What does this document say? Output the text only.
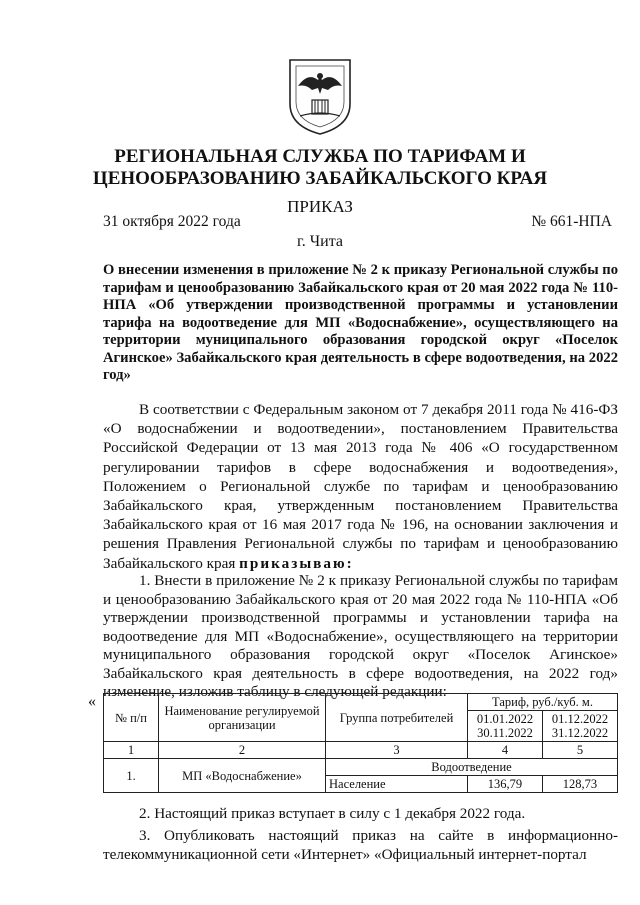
РЕГИОНАЛЬНАЯ СЛУЖБА ПО ТАРИФАМ И
ЦЕНООБРАЗОВАНИЮ ЗАБАЙКАЛЬСКОГО КРАЯ
ПРИКАЗ
31 октября 2022 года	№ 661-НПА
г. Чита
О внесении изменения в приложение № 2 к приказу Региональной службы по тарифам и ценообразованию Забайкальского края от 20 мая 2022 года № 110-НПА «Об утверждении производственной программы и установлении тарифа на водоотведение для МП «Водоснабжение», осуществляющего на территории муниципального образования городской округ «Поселок Агинское» Забайкальского края деятельность в сфере водоотведения, на 2022 год»
В соответствии с Федеральным законом от 7 декабря 2011 года № 416-ФЗ «О водоснабжении и водоотведении», постановлением Правительства Российской Федерации от 13 мая 2013 года № 406 «О государственном регулировании тарифов в сфере водоснабжения и водоотведения», Положением о Региональной службе по тарифам и ценообразованию Забайкальского края, утвержденным постановлением Правительства Забайкальского края от 16 мая 2017 года № 196, на основании заключения и решения Правления Региональной службы по тарифам и ценообразованию Забайкальского края приказываю:
1. Внести в приложение № 2 к приказу Региональной службы по тарифам и ценообразованию Забайкальского края от 20 мая 2022 года № 110-НПА «Об утверждении производственной программы и установлении тарифа на водоотведение для МП «Водоснабжение», осуществляющего на территории муниципального образования городской округ «Поселок Агинское» Забайкальского края деятельность в сфере водоотведения, на 2022 год» изменение, изложив таблицу в следующей редакции:
«
№ п/п	Наименование регулируемой организации	Группа потребителей	Тариф, руб./куб. м.	
			01.01.2022 30.11.2022	01.12.2022 31.12.2022
1	2	3	4	5
1.	МП «Водоснабжение»	Водоотведение		
		Население	136,79	128,73
2. Настоящий приказ вступает в силу с 1 декабря 2022 года.
3. Опубликовать настоящий приказ на сайте в информационно-телекоммуникационной сети «Интернет» «Официальный интернет-портал
